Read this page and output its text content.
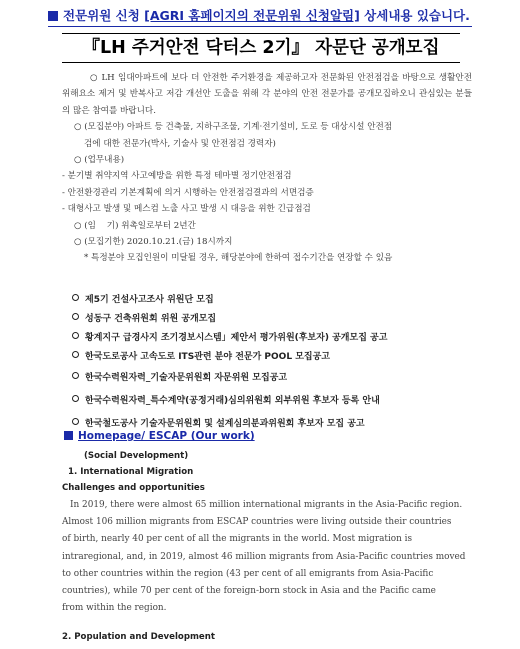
전문위원 신청 [AGRI 홈페이지의 전문위원 신청알림] 상세내용 있습니다.
『LH 주거안전 닥터스 2기』 자문단 공개모집

○ LH 임대아파트에 보다 더 안전한 주거환경을 제공하고자 전문화된 안전점검을 바탕으로 생활안전 위해요소 제거 및 반복사고 저감 개선안 도출을 위해 각 분야의 안전 전문가를 공개모집하오니 관심있는 분들의 많은 참여를 바랍니다.

○ (모집분야) 아파트 등 건축물, 지하구조물, 기계·전기설비, 도로 등 대상시설 안전점

검에 대한 전문가(박사, 기술사 및 안전점검 경력자)

○ (업무내용)

- 분기별 취약지역 사고예방을 위한 특정 테마별 정기안전점검

- 안전환경관리 기본계획에 의거 시행하는 안전점검결과의 서면검증

- 대형사고 발생 및 메스컴 노출 사고 발생 시 대응을 위한 긴급점검

○ (임    기) 위촉일로부터 2년간

○ (모집기한) 2020.10.21.(금) 18시까지

* 특정분야 모집인원이 미달될 경우, 해당분야에 한하여 접수기간을 연장할 수 있음

제5기 건설사고조사 위원단 모집
성동구 건축위원회 위원 공개모집
황계지구 급경사지 조기경보시스템」제안서 평가위원(후보자) 공개모집 공고
한국도로공사 고속도로 ITS관련 분야 전문가 POOL 모집공고
한국수력원자력_기술자문위원회 자문위원 모집공고
한국수력원자력_특수계약(공정거래)심의위원회 외부위원 후보자 등록 안내
한국철도공사 기술자문위원회 및 설계심의분과위원회 후보자 모집 공고
Homepage/ ESCAP (Our work)
(Social Development)
1. International Migration
Challenges and opportunities

In 2019, there were almost 65 million international migrants in the Asia-Pacific region.
Almost 106 million migrants from ESCAP countries were living outside their countries
of birth, nearly 40 per cent of all the migrants in the world. Most migration is
intraregional, and, in 2019, almost 46 million migrants from Asia-Pacific countries moved
to other countries within the region (43 per cent of all emigrants from Asia-Pacific
countries), while 70 per cent of the foreign-born stock in Asia and the Pacific came
from within the region.

2. Population and Development
